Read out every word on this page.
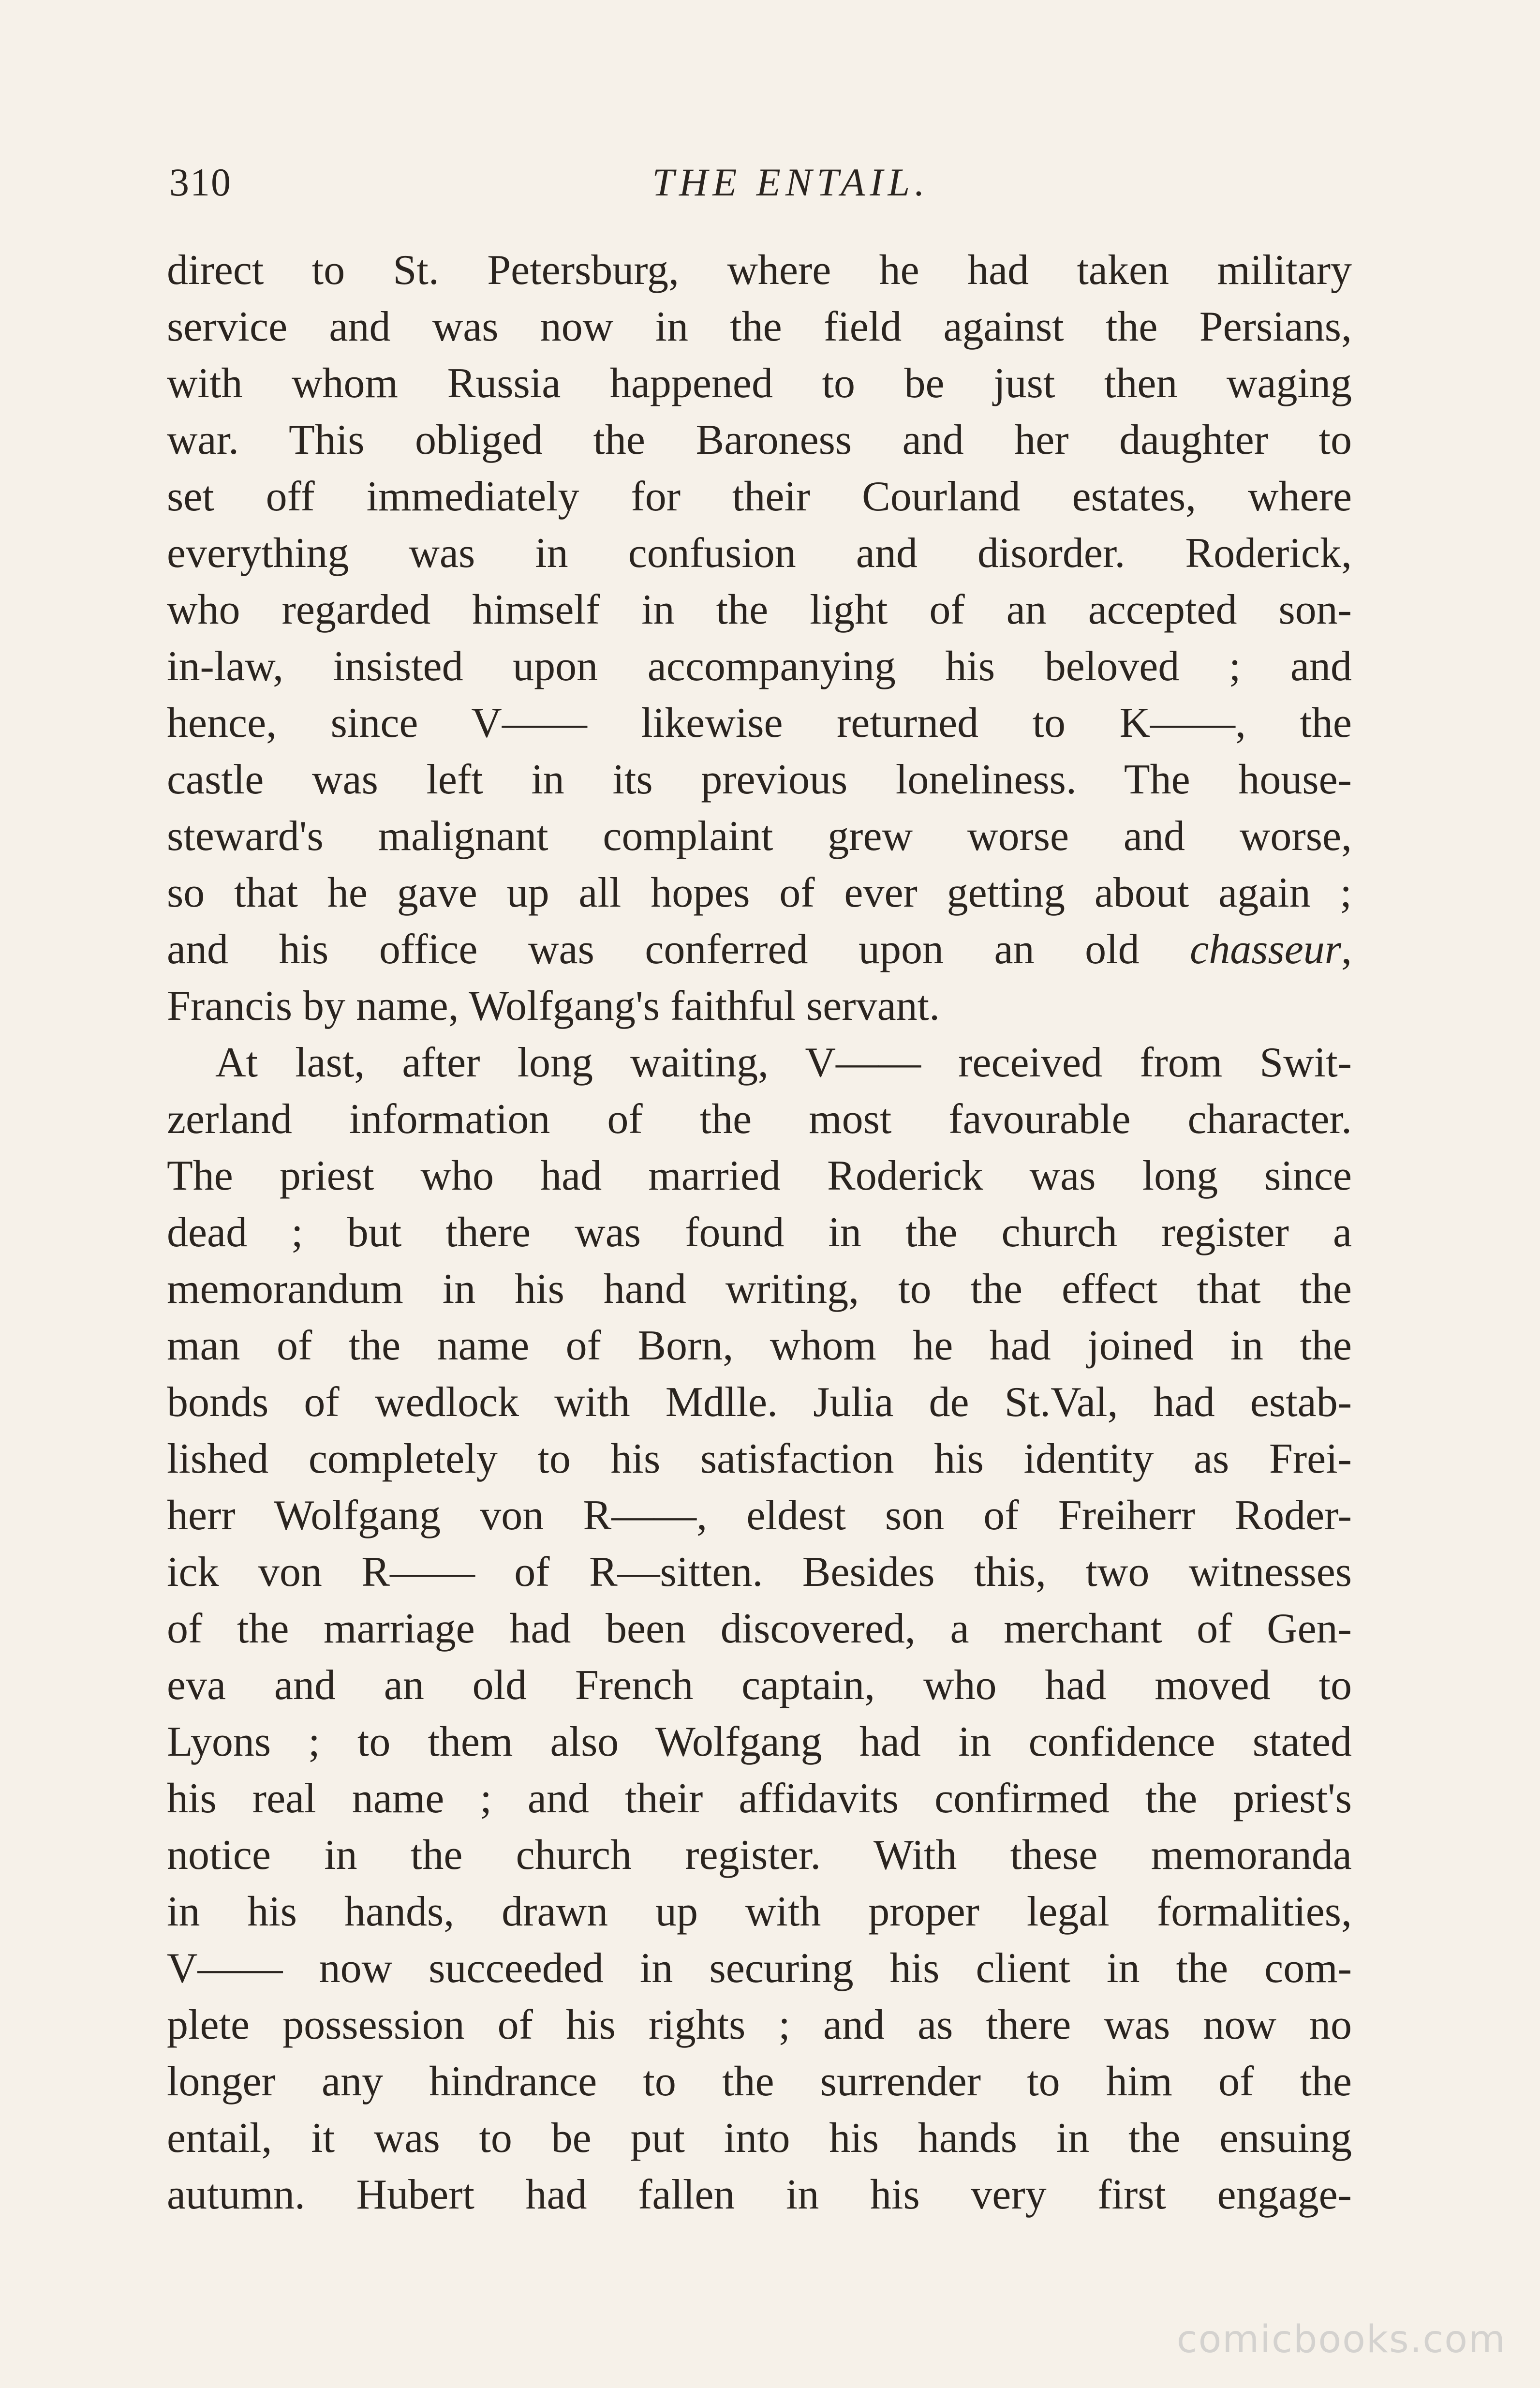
310	THE ENTAIL.
direct to St. Petersburg, where he had taken military
service and was now in the field against the Persians,
with whom Russia happened to be just then waging
war. This obliged the Baroness and her daughter to
set off immediately for their Courland estates, where
everything was in confusion and disorder. Roderick,
who regarded himself in the light of an accepted son-
in-law, insisted upon accompanying his beloved ; and
hence, since V—— likewise returned to K——, the
castle was left in its previous loneliness. The house-
steward's malignant complaint grew worse and worse,
so that he gave up all hopes of ever getting about again ;
and his office was conferred upon an old chasseur,
Francis by name, Wolfgang's faithful servant.
At last, after long waiting, V—— received from Swit-
zerland information of the most favourable character.
The priest who had married Roderick was long since
dead ; but there was found in the church register a
memorandum in his hand writing, to the effect that the
man of the name of Born, whom he had joined in the
bonds of wedlock with Mdlle. Julia de St.Val, had estab-
lished completely to his satisfaction his identity as Frei-
herr Wolfgang von R——, eldest son of Freiherr Roder-
ick von R—— of R—sitten. Besides this, two witnesses
of the marriage had been discovered, a merchant of Gen-
eva and an old French captain, who had moved to
Lyons ; to them also Wolfgang had in confidence stated
his real name ; and their affidavits confirmed the priest's
notice in the church register. With these memoranda
in his hands, drawn up with proper legal formalities,
V—— now succeeded in securing his client in the com-
plete possession of his rights ; and as there was now no
longer any hindrance to the surrender to him of the
entail, it was to be put into his hands in the ensuing
autumn. Hubert had fallen in his very first engage-
comicbooks.com
